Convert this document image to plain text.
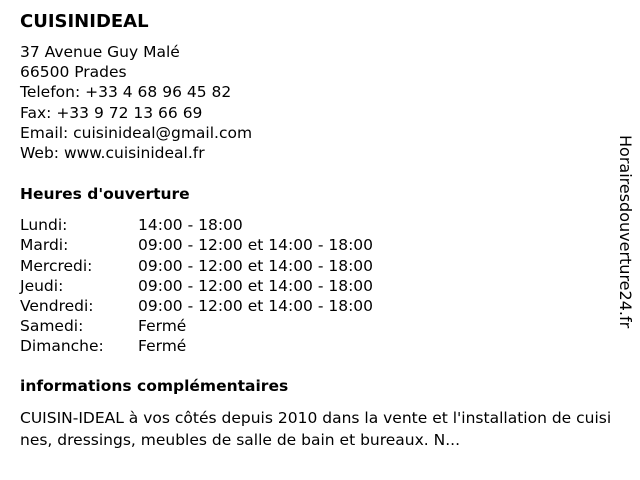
CUISINIDEAL
37 Avenue Guy Malé
66500 Prades
Telefon: +33 4 68 96 45 82
Fax: +33 9 72 13 66 69
Email: cuisinideal@gmail.com
Web: www.cuisinideal.fr
Heures d'ouverture
Lundi:	14:00 - 18:00
Mardi:	09:00 - 12:00 et 14:00 - 18:00
Mercredi:	09:00 - 12:00 et 14:00 - 18:00
Jeudi:	09:00 - 12:00 et 14:00 - 18:00
Vendredi:	09:00 - 12:00 et 14:00 - 18:00
Samedi:	Fermé
Dimanche:	Fermé
informations complémentaires
CUISIN-IDEAL à vos côtés depuis 2010 dans la vente et l'installation de cuisines, dressings, meubles de salle de bain et bureaux. N...
Horairesdouverture24.fr
